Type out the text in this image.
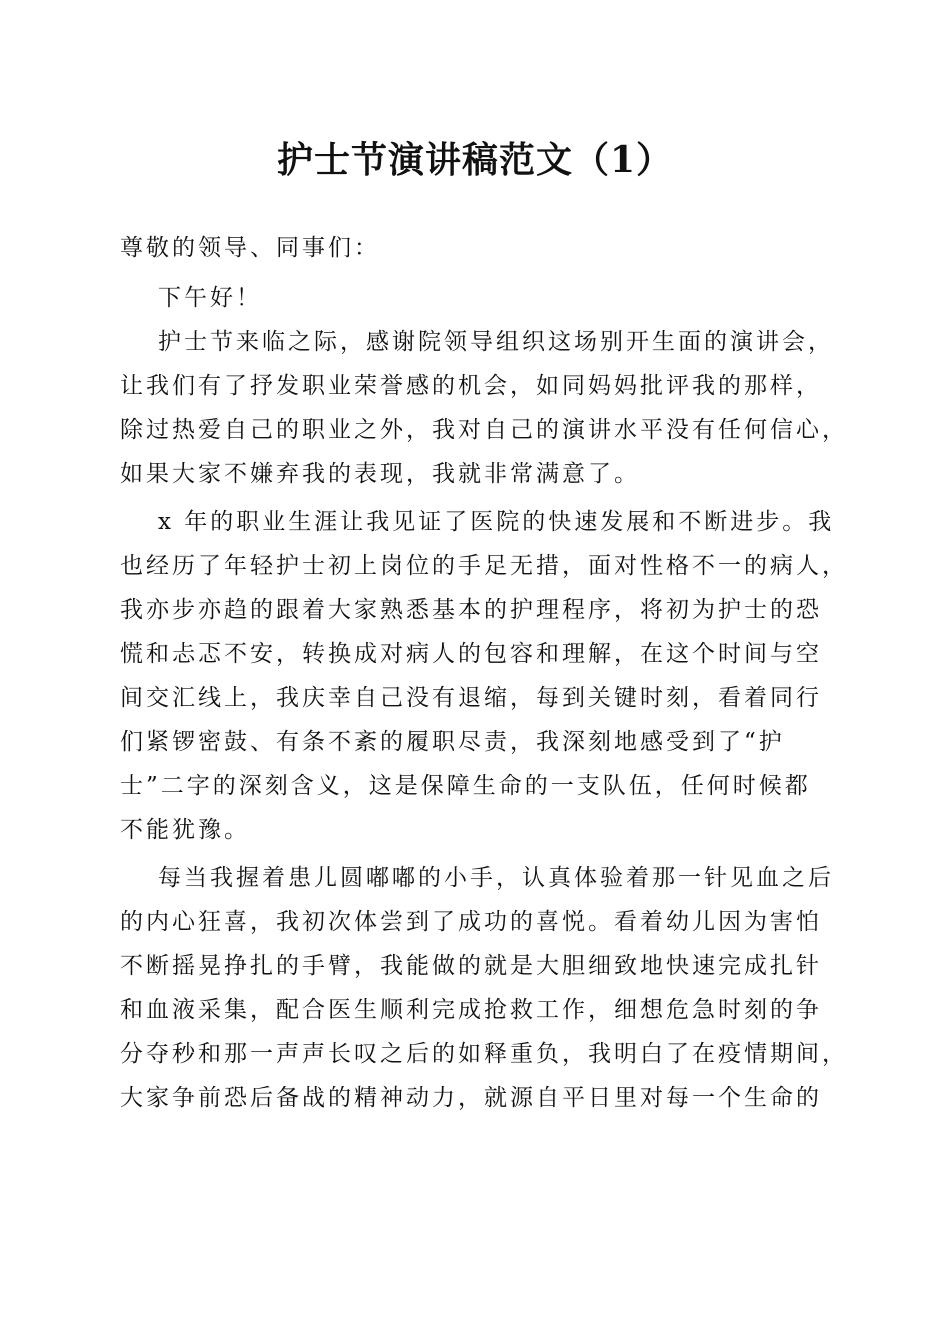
护士节演讲稿范文（1）
尊敬的领导、同事们：
下午好！
护士节来临之际，感谢院领导组织这场别开生面的演讲会，
让我们有了抒发职业荣誉感的机会，如同妈妈批评我的那样，
除过热爱自己的职业之外，我对自己的演讲水平没有任何信心，
如果大家不嫌弃我的表现，我就非常满意了。
x 年的职业生涯让我见证了医院的快速发展和不断进步。我
也经历了年轻护士初上岗位的手足无措，面对性格不一的病人，
我亦步亦趋的跟着大家熟悉基本的护理程序，将初为护士的恐
慌和忐忑不安，转换成对病人的包容和理解，在这个时间与空
间交汇线上，我庆幸自己没有退缩，每到关键时刻，看着同行
们紧锣密鼓、有条不紊的履职尽责，我深刻地感受到了“护
士”二字的深刻含义，这是保障生命的一支队伍，任何时候都
不能犹豫。
每当我握着患儿圆嘟嘟的小手，认真体验着那一针见血之后
的内心狂喜，我初次体尝到了成功的喜悦。看着幼儿因为害怕
不断摇晃挣扎的手臂，我能做的就是大胆细致地快速完成扎针
和血液采集，配合医生顺利完成抢救工作，细想危急时刻的争
分夺秒和那一声声长叹之后的如释重负，我明白了在疫情期间，
大家争前恐后备战的精神动力，就源自平日里对每一个生命的
